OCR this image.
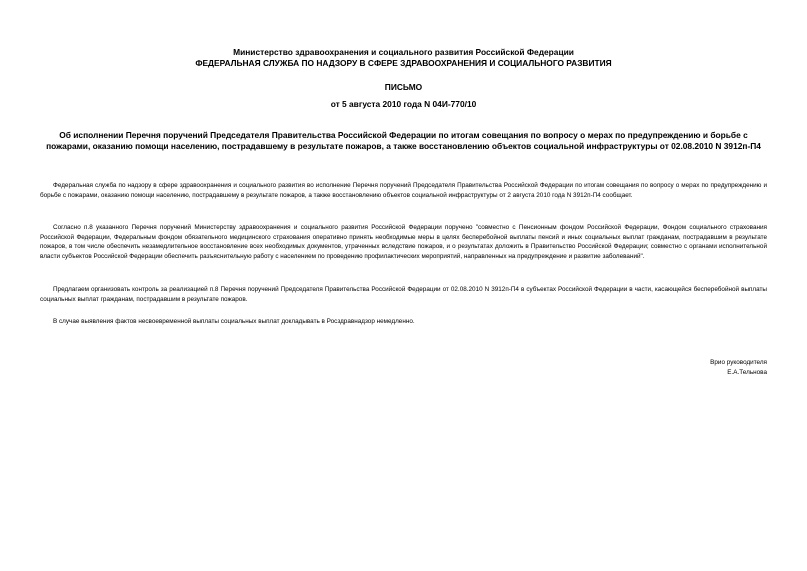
Министерство здравоохранения и социального развития Российской Федерации
ФЕДЕРАЛЬНАЯ СЛУЖБА ПО НАДЗОРУ В СФЕРЕ ЗДРАВООХРАНЕНИЯ И СОЦИАЛЬНОГО РАЗВИТИЯ
ПИСЬМО
от 5 августа 2010 года N 04И-770/10
Об исполнении Перечня поручений Председателя Правительства Российской Федерации по итогам совещания по вопросу о мерах по предупреждению и борьбе с пожарами, оказанию помощи населению, пострадавшему в результате пожаров, а также восстановлению объектов социальной инфраструктуры от 02.08.2010 N 3912п-П4

Федеральная служба по надзору в сфере здравоохранения и социального развития во исполнение Перечня поручений Председателя Правительства Российской Федерации по итогам совещания по вопросу о мерах по предупреждению и борьбе с пожарами, оказанию помощи населению, пострадавшему в результате пожаров, а также восстановлению объектов социальной инфраструктуры от 2 августа 2010 года N 3912п-П4 сообщает.

Согласно п.8 указанного Перечня поручений Министерству здравоохранения и социального развития Российской Федерации поручено "совместно с Пенсионным фондом Российской Федерации, Фондом социального страхования Российской Федерации, Федеральным фондом обязательного медицинского страхования оперативно принять необходимые меры в целях бесперебойной выплаты пенсий и иных социальных выплат гражданам, пострадавшим в результате пожаров, в том числе обеспечить незамедлительное восстановление всех необходимых документов, утраченных вследствие пожаров, и о результатах доложить в Правительство Российской Федерации; совместно с органами исполнительной власти субъектов Российской Федерации обеспечить разъяснительную работу с населением по проведению профилактических мероприятий, направленных на предупреждение и развитие заболеваний".

Предлагаем организовать контроль за реализацией п.8 Перечня поручений Председателя Правительства Российской Федерации от 02.08.2010 N 3912п-П4 в субъектах Российской Федерации в части, касающейся бесперебойной выплаты социальных выплат гражданам, пострадавшим в результате пожаров.

В случае выявления фактов несвоевременной выплаты социальных выплат докладывать в Росздравнадзор немедленно.

Врио руководителя
Е.А.Тельнова
